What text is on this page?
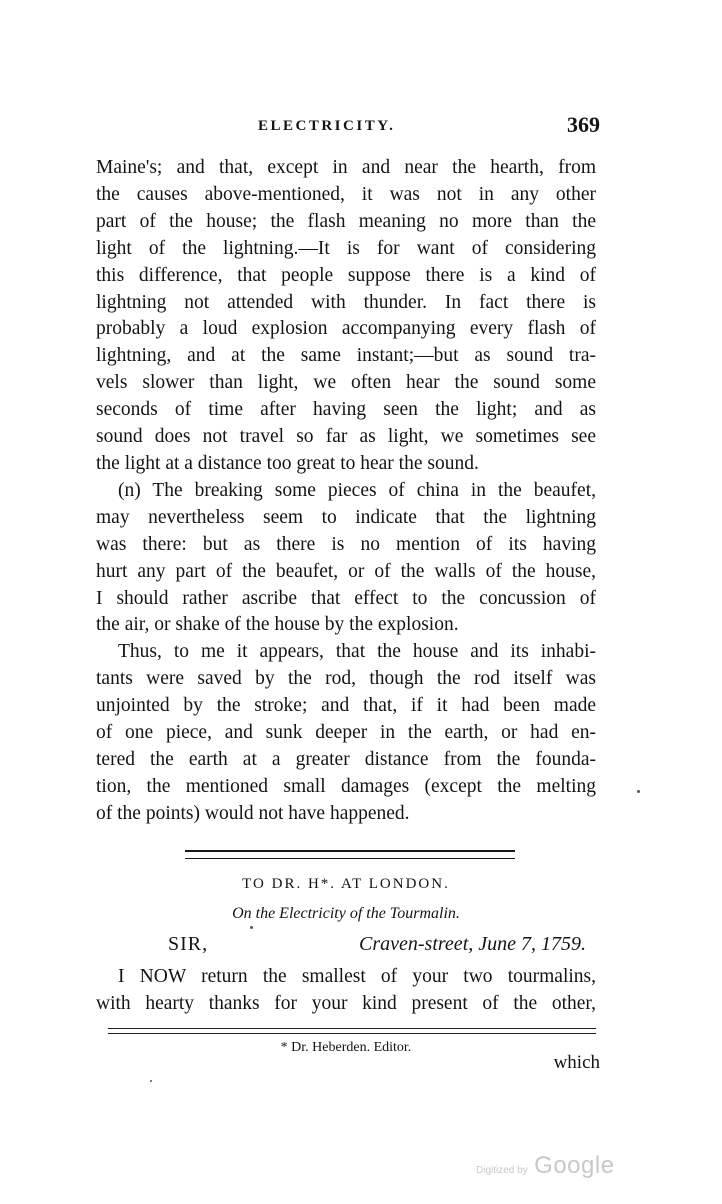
ELECTRICITY.	369

Maine's; and that, except in and near the hearth, from
the causes above-mentioned, it was not in any other
part of the house; the flash meaning no more than the
light of the lightning.—It is for want of considering
this difference, that people suppose there is a kind of
lightning not attended with thunder. In fact there is
probably a loud explosion accompanying every flash of
lightning, and at the same instant;—but as sound tra-
vels slower than light, we often hear the sound some
seconds of time after having seen the light; and as
sound does not travel so far as light, we sometimes see
the light at a distance too great to hear the sound.

(n) The breaking some pieces of china in the beaufet,
may nevertheless seem to indicate that the lightning
was there: but as there is no mention of its having
hurt any part of the beaufet, or of the walls of the house,
I should rather ascribe that effect to the concussion of
the air, or shake of the house by the explosion.

Thus, to me it appears, that the house and its inhabi-
tants were saved by the rod, though the rod itself was
unjointed by the stroke; and that, if it had been made
of one piece, and sunk deeper in the earth, or had en-
tered the earth at a greater distance from the founda-
tion, the mentioned small damages (except the melting
of the points) would not have happened.

TO DR. H*. AT LONDON.
On the Electricity of the Tourmalin.
SIR,	Craven-street, June 7, 1759.
I NOW return the smallest of your two tourmalins,
with hearty thanks for your kind present of the other,
* Dr. Heberden. Editor.
which
Digitized by Google
